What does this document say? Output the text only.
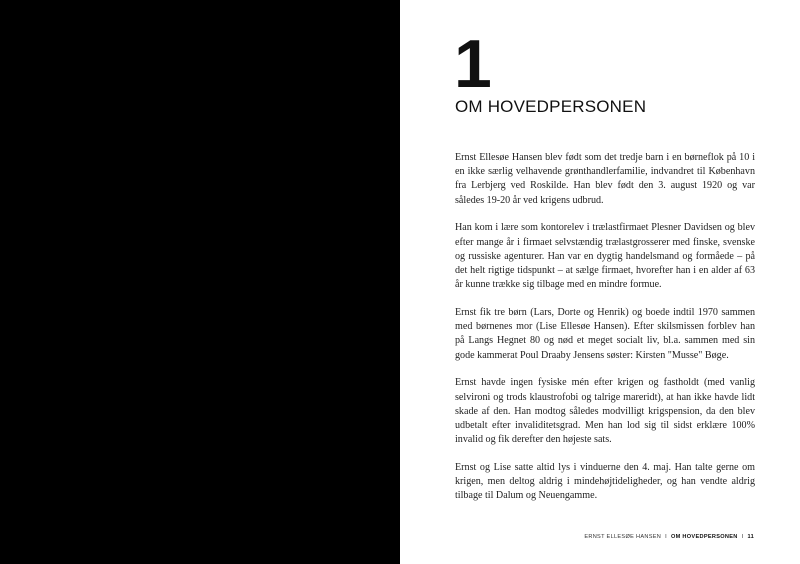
1
OM HOVEDPERSONEN

Ernst Ellesøe Hansen blev født som det tredje barn i en børneflok på 10 i en ikke særlig velhavende grønthandlerfamilie, indvandret til København fra Lerbjerg ved Roskilde. Han blev født den 3. august 1920 og var således 19-20 år ved krigens udbrud.

Han kom i lære som kontorelev i trælastfirmaet Plesner Davidsen og blev efter mange år i firmaet selvstændig trælastgrosserer med finske, svenske og russiske agenturer. Han var en dygtig handelsmand og formåede – på det helt rigtige tidspunkt – at sælge firmaet, hvorefter han i en alder af 63 år kunne trække sig tilbage med en mindre formue.

Ernst fik tre børn (Lars, Dorte og Henrik) og boede indtil 1970 sammen med børnenes mor (Lise Ellesøe Hansen). Efter skilsmissen forblev han på Langs Hegnet 80 og nød et meget socialt liv, bl.a. sammen med sin gode kammerat Poul Draaby Jensens søster: Kirsten "Musse" Bøge.

Ernst havde ingen fysiske mén efter krigen og fastholdt (med vanlig selvironi og trods klaustrofobi og talrige mareridt), at han ikke havde lidt skade af den. Han modtog således modvilligt krigspension, da den blev udbetalt efter invaliditetsgrad. Men han lod sig til sidst erklære 100% invalid og fik derefter den højeste sats.

Ernst og Lise satte altid lys i vinduerne den 4. maj. Han talte gerne om krigen, men deltog aldrig i mindehøjtideligheder, og han vendte aldrig tilbage til Dalum og Neuengamme.

ERNST ELLESØE HANSEN I OM HOVEDPERSONEN I 11
